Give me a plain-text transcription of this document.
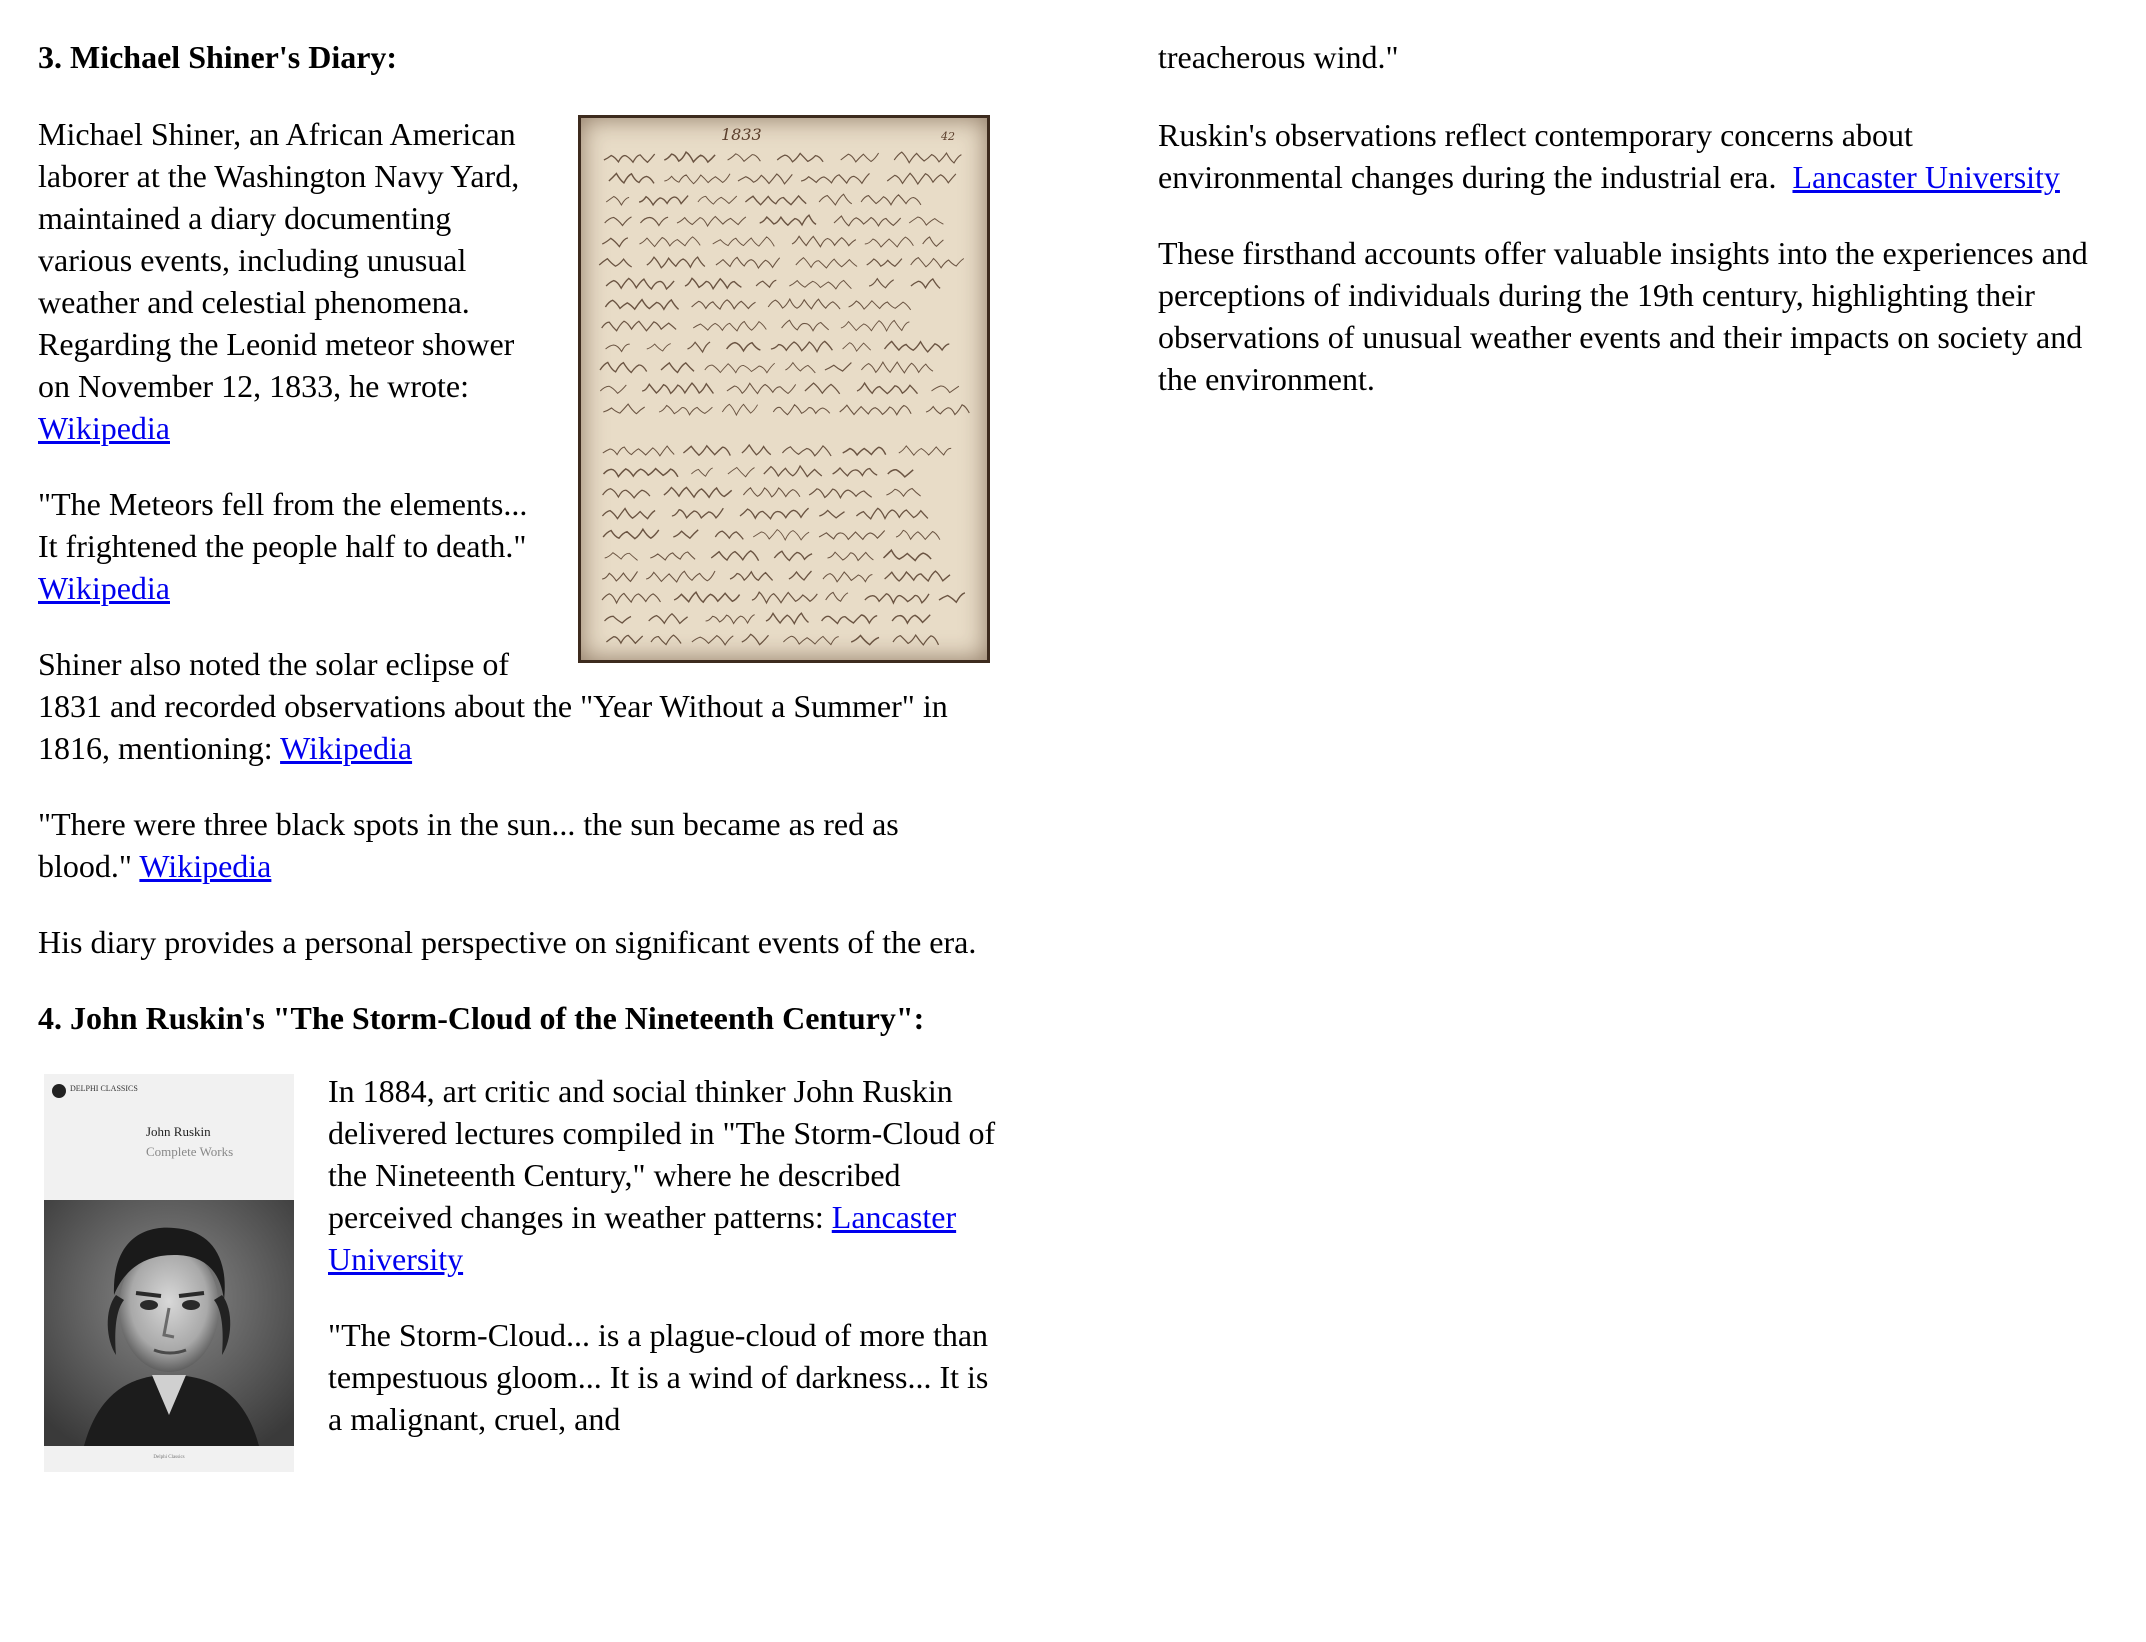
3. Michael Shiner's Diary:
1833	42

Michael Shiner, an African American laborer at the Washington Navy Yard, maintained a diary documenting various events, including unusual weather and celestial phenomena. Regarding the Leonid meteor shower on November 12, 1833, he wrote: Wikipedia

"The Meteors fell from the elements... It frightened the people half to death." Wikipedia

Shiner also noted the solar eclipse of 1831 and recorded observations about the "Year Without a Summer" in 1816, mentioning: Wikipedia

"There were three black spots in the sun... the sun became as red as blood." Wikipedia

His diary provides a personal perspective on significant events of the era.

4. John Ruskin's "The Storm-Cloud of the Nineteenth Century":
DELPHI CLASSICS
John Ruskin
Complete Works
Delphi Classics

In 1884, art critic and social thinker John Ruskin delivered lectures compiled in "The Storm-Cloud of the Nineteenth Century," where he described perceived changes in weather patterns: Lancaster University

"The Storm-Cloud... is a plague-cloud of more than tempestuous gloom... It is a wind of darkness... It is a malignant, cruel, and

treacherous wind."

Ruskin's observations reflect contemporary concerns about environmental changes during the industrial era.  Lancaster University

These firsthand accounts offer valuable insights into the experiences and perceptions of individuals during the 19th century, highlighting their observations of unusual weather events and their impacts on society and the environment.
